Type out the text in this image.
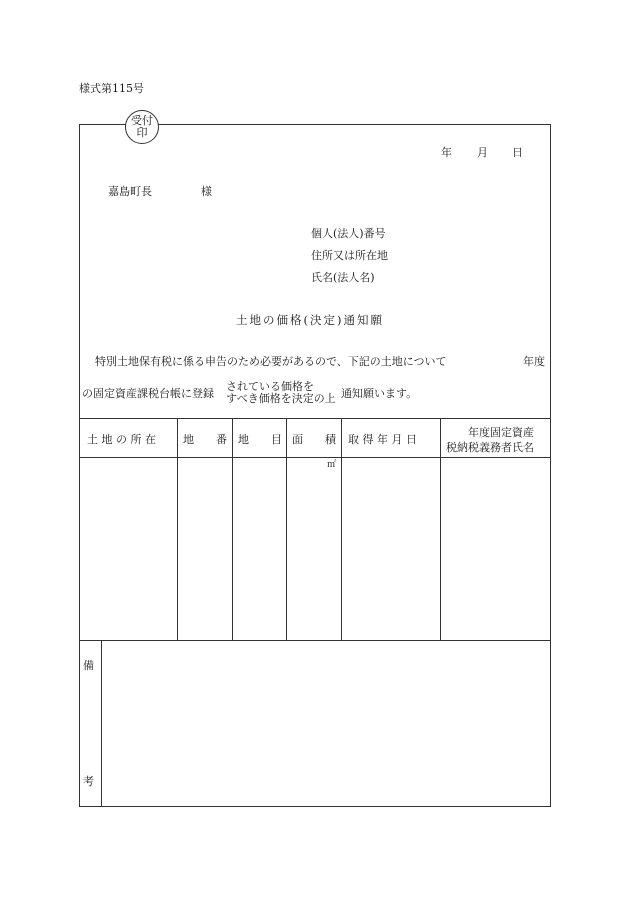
様式第115号
受付
印
年 月 日
嘉島町長	様
個人(法人)番号
住所又は所在地
氏名(法人名)
土地の価格(決定)通知願
特別土地保有税に係る申告のため必要があるので、下記の土地について	年度
の固定資産課税台帳に登録
されている価格を
すべき価格を決定の上 通知願います。
土 地 の 所 在 地　　番 地　　目 面　　積 取 得 年 月 日
年度固定資産
税納税義務者氏名
㎡
備
考
